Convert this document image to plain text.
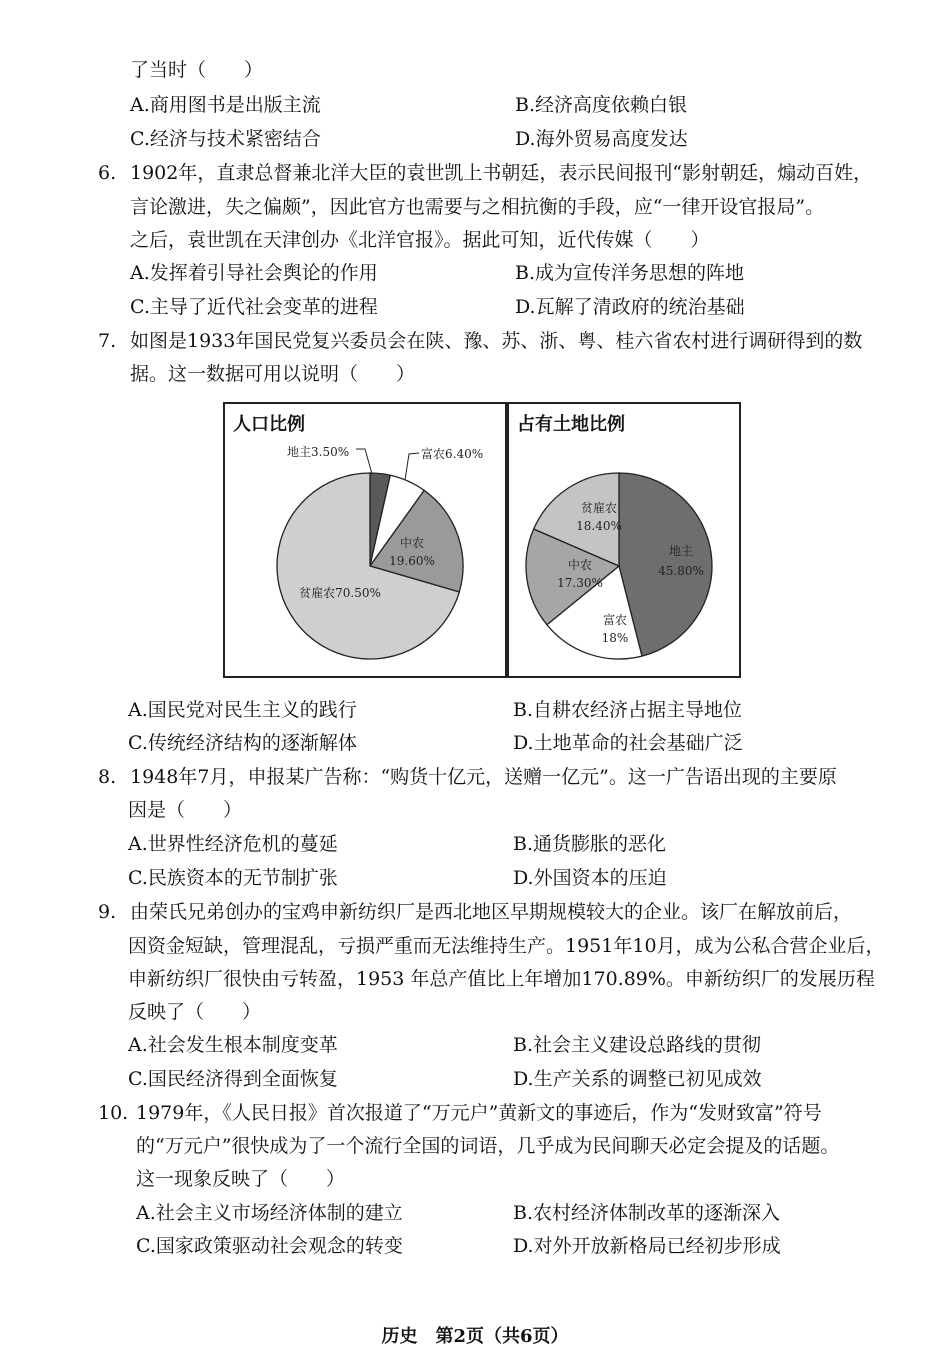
了当时（　　）
A.商用图书是出版主流	B.经济高度依赖白银
C.经济与技术紧密结合	D.海外贸易高度发达
6. 1902年，直隶总督兼北洋大臣的袁世凯上书朝廷，表示民间报刊“影射朝廷，煽动百姓，
言论激进，失之偏颇”，因此官方也需要与之相抗衡的手段，应“一律开设官报局”。
之后，袁世凯在天津创办《北洋官报》。据此可知，近代传媒（　　）
A.发挥着引导社会舆论的作用	B.成为宣传洋务思想的阵地
C.主导了近代社会变革的进程	D.瓦解了清政府的统治基础
7. 如图是1933年国民党复兴委员会在陕、豫、苏、浙、粤、桂六省农村进行调研得到的数
据。这一数据可用以说明（　　）
人口比例
地主3.50%	富农6.40%
中农
19.60%
贫雇农70.50%
占有土地比例
地主
45.80%
富农
18%
中农
17.30%
贫雇农
18.40%
A.国民党对民生主义的践行	B.自耕农经济占据主导地位
C.传统经济结构的逐渐解体	D.土地革命的社会基础广泛
8. 1948年7月，申报某广告称：“购货十亿元，送赠一亿元”。这一广告语出现的主要原
因是（　　）
A.世界性经济危机的蔓延	B.通货膨胀的恶化
C.民族资本的无节制扩张	D.外国资本的压迫
9. 由荣氏兄弟创办的宝鸡申新纺织厂是西北地区早期规模较大的企业。该厂在解放前后，
因资金短缺，管理混乱，亏损严重而无法维持生产。1951年10月，成为公私合营企业后，
申新纺织厂很快由亏转盈，1953 年总产值比上年增加170.89%。申新纺织厂的发展历程
反映了（　　）
A.社会发生根本制度变革	B.社会主义建设总路线的贯彻
C.国民经济得到全面恢复	D.生产关系的调整已初见成效
10. 1979年，《人民日报》首次报道了“万元户”黄新文的事迹后，作为“发财致富”符号
的“万元户”很快成为了一个流行全国的词语，几乎成为民间聊天必定会提及的话题。
这一现象反映了（　　）
A.社会主义市场经济体制的建立	B.农村经济体制改革的逐渐深入
C.国家政策驱动社会观念的转变	D.对外开放新格局已经初步形成
历史　第2页（共6页）
